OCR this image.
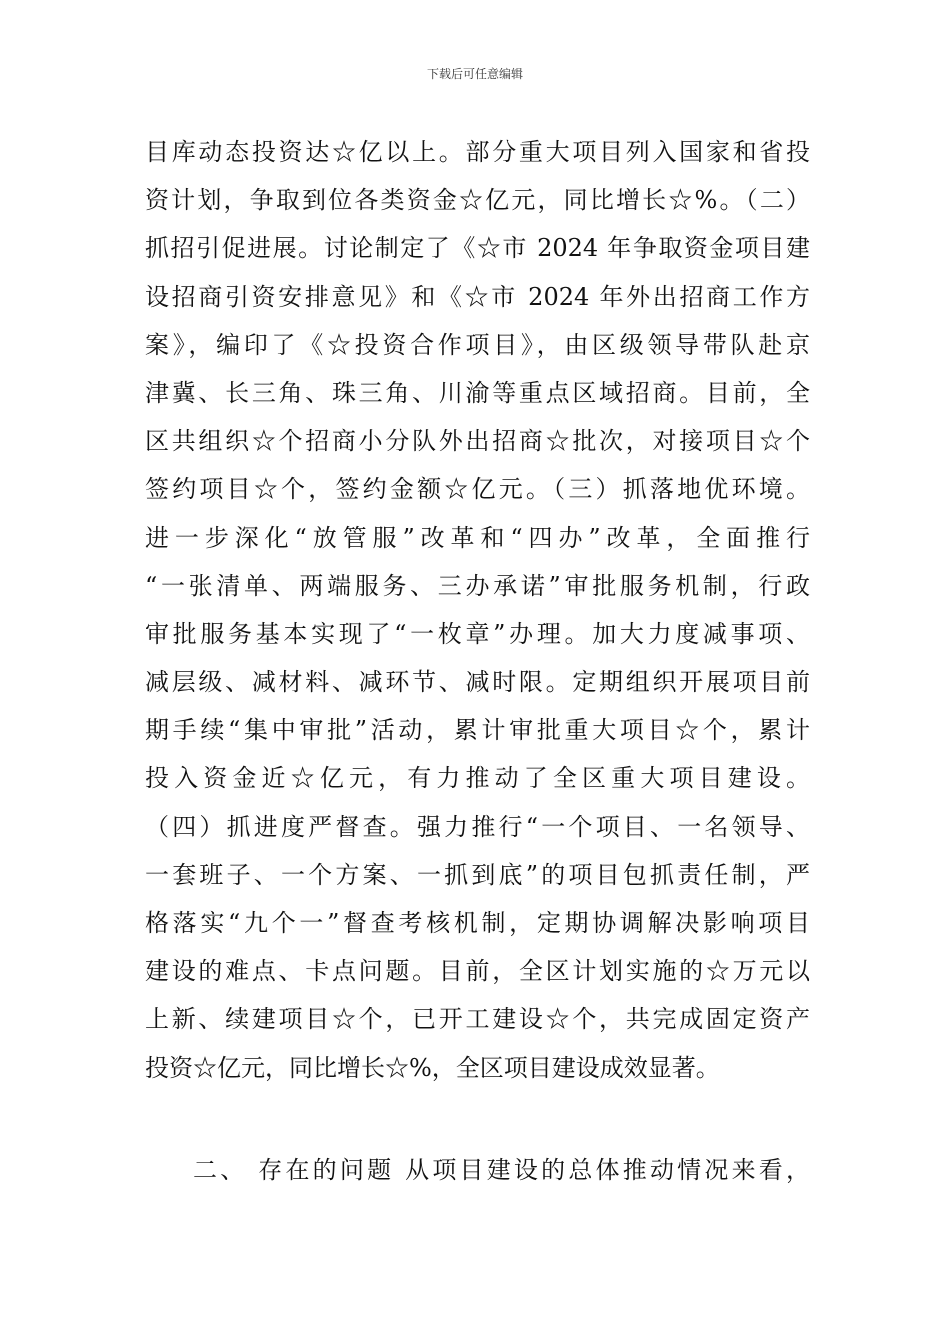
下载后可任意编辑
目库动态投资达☆亿以上。部分重大项目列入国家和省投
资计划，争取到位各类资金☆亿元，同比增长☆%。（二）
抓招引促进展。讨论制定了《☆市 2024 年争取资金项目建
设招商引资安排意见》和《☆市 2024 年外出招商工作方
案》，编印了《☆投资合作项目》，由区级领导带队赴京
津冀、长三角、珠三角、川渝等重点区域招商。目前，全
区共组织☆个招商小分队外出招商☆批次，对接项目☆个
签约项目☆个，签约金额☆亿元。（三）抓落地优环境。
进一步深化“放管服”改革和“四办”改革，全面推行
“一张清单、两端服务、三办承诺”审批服务机制，行政
审批服务基本实现了“一枚章”办理。加大力度减事项、
减层级、减材料、减环节、减时限。定期组织开展项目前
期手续“集中审批”活动，累计审批重大项目☆个，累计
投入资金近☆亿元，有力推动了全区重大项目建设。
（四）抓进度严督查。强力推行“一个项目、一名领导、
一套班子、一个方案、一抓到底”的项目包抓责任制，严
格落实“九个一”督查考核机制，定期协调解决影响项目
建设的难点、卡点问题。目前，全区计划实施的☆万元以
上新、续建项目☆个，已开工建设☆个，共完成固定资产
投资☆亿元，同比增长☆%，全区项目建设成效显著。
二、 存在的问题 从项目建设的总体推动情况来看，
